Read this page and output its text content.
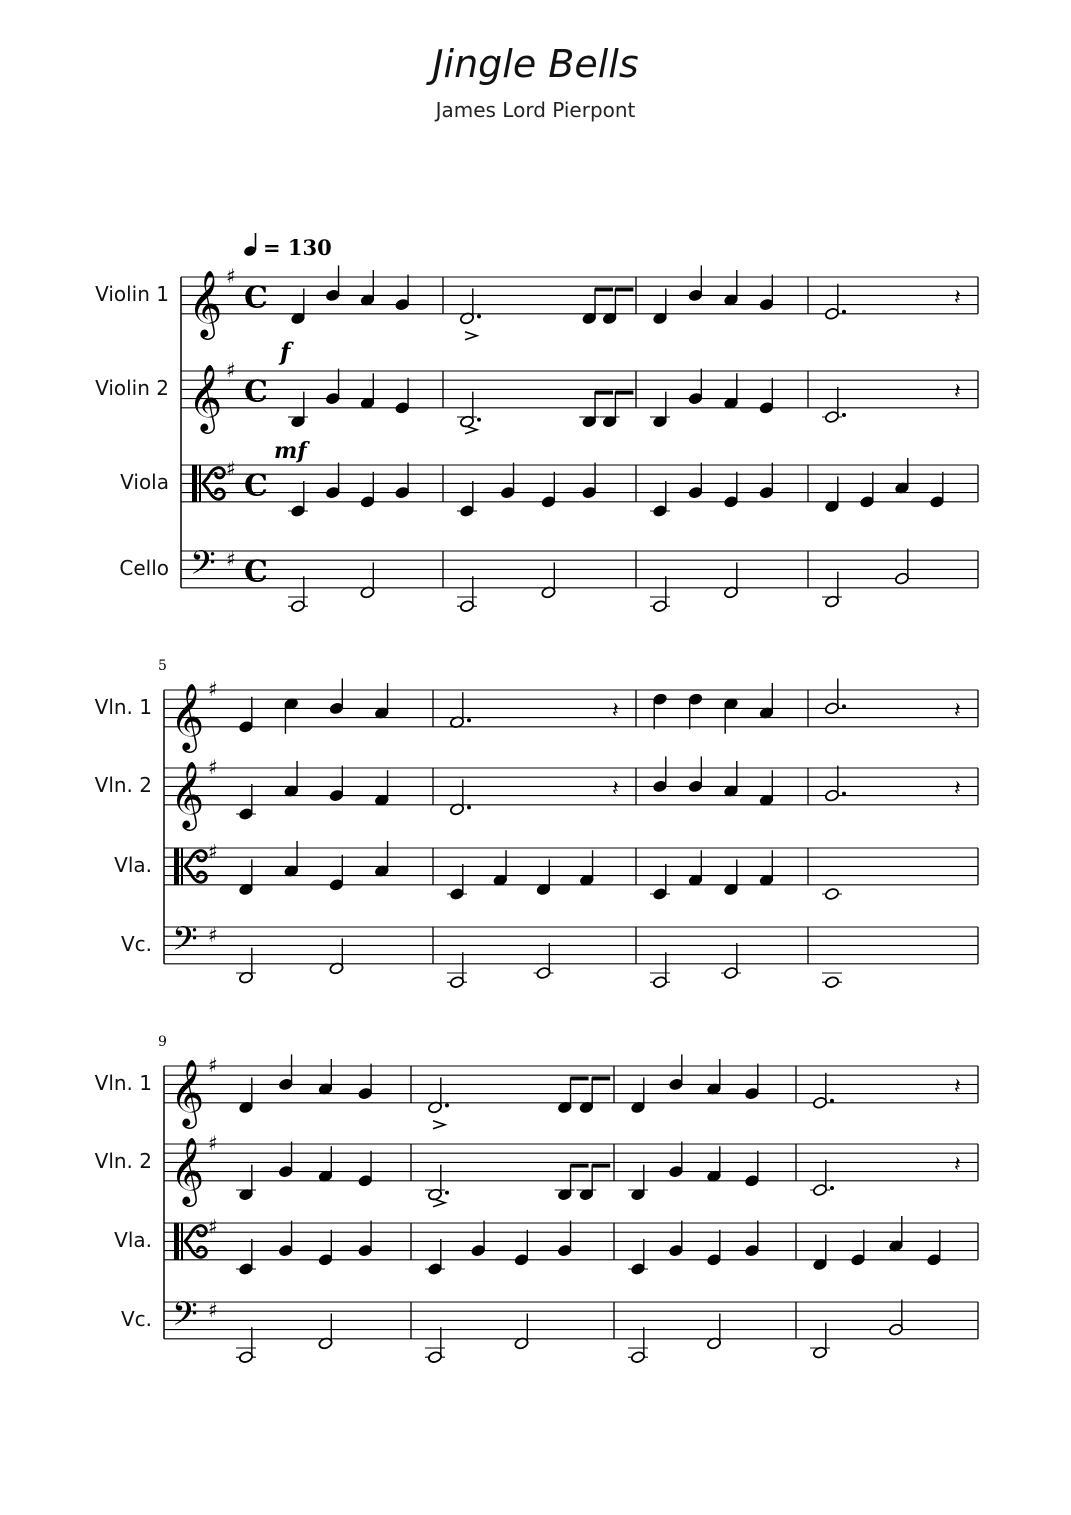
Jingle Bells
James Lord Pierpont
= 130
f
mf
Violin 1 𝄞 ♯
C	𝄽
Violin 2 𝄞 ♯
C	𝄽
Viola
♯ C
Cello 𝄢 ♯ C
5
Vln. 1 𝄞 ♯
𝄽	𝄽
Vln. 2 𝄞 ♯
𝄽	𝄽
Vla.
♯
Vc. 𝄢 ♯
9
Vln. 1 𝄞 ♯
𝄽
Vln. 2 𝄞 ♯
𝄽
Vla.
♯
Vc. 𝄢 ♯
